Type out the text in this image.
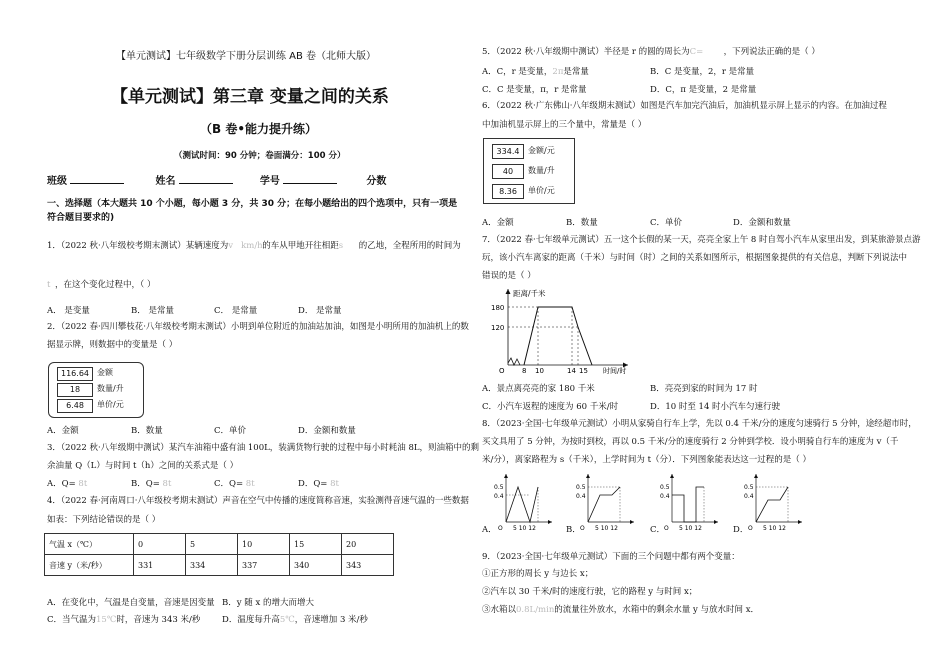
【单元测试】七年级数学下册分层训练 AB 卷（北师大版）
【单元测试】第三章 变量之间的关系
（B 卷•能力提升练）
（测试时间：90 分钟；卷面满分：100 分）
班级	姓名	学号	分数
一、选择题（本大题共 10 个小题，每小题 3 分，共 30 分；在每小题给出的四个选项中，只有一项是
符合题目要求的)
1．（2022 秋·八年级校考期末测试）某辆速度为v   km/h的车从甲地开往相距s 的乙地，全程所用的时间为
t ，在这个变化过程中，（ ）
A． 是变量	B． 是常量	C． 是常量	D． 是常量
2．（2022 春·四川攀枝花·八年级校考期末测试）小明到单位附近的加油站加油，如图是小明所用的加油机上的数
据显示牌，则数据中的变量是（ ）
116.64	金额
18	数量/升
6.48	单价/元
A．金额	B．数量	C．单价	D．金额和数量
3．（2022 秋·八年级期中测试）某汽车油箱中盛有油 100L，装满货物行驶的过程中每小时耗油 8L，则油箱中的剩
余油量 Q（L）与时间 t（h）之间的关系式是（ ）
A．Q= 8t	B．Q= 8t	C．Q= 8t	D．Q= 8t
4．（2022 春·河南周口·八年级校考期末测试）声音在空气中传播的速度简称音速，实验测得音速气温的一些数据
如表：下列结论错误的是（ ）
气温 x（℃）	0	5	10	15	20
音速 y（米/秒）	331	334	337	340	343
A．在变化中，气温是自变量，音速是因变量 B．y 随 x 的增大而增大
C．当气温为15℃时，音速为 343 米/秒	D．温度每升高5℃，音速增加 3 米/秒
5．（2022 秋·八年级期中测试）半径是 r 的圆的周长为C= ，下列说法正确的是（ ）
A．C，r 是变量，2π是常量	B．C 是变量，2，r 是常量
C．C 是变量，π，r 是常量	D．C，π 是变量，2 是常量
6．（2022 秋·广东佛山·八年级期末测试）如图是汽车加完汽油后，加油机显示屏上显示的内容。在加油过程
中加油机显示屏上的三个量中，常量是（ ）
334.4	金额/元
40	数量/升
8.36	单价/元
A．金额	B．数量	C．单价	D．金额和数量
7．（2022 春·七年级单元测试）五一这个长假的某一天，亮亮全家上午 8 时自驾小汽车从家里出发，到某旅游景点游
玩，该小汽车离家的距离（千米）与时间（时）之间的关系如图所示，根据图象提供的有关信息，判断下列说法中
错误的是（ ）
距离/千米
时间/时
180
120
O 8 10	14 15
A．景点离亮亮的家 180 千米	B．亮亮到家的时间为 17 时
C．小汽车返程的速度为 60 千米/时	D．10 时至 14 时小汽车匀速行驶
8．（2023·全国·七年级单元测试）小明从家骑自行车上学，先以 0.4 千米/分的速度匀速骑行 5 分钟，途经超市时，
买文具用了 5 分钟，为按时到校，再以 0.5 千米/分的速度骑行 2 分钟到学校．设小明骑自行车的速度为 v（千
米/分），离家路程为 s（千米），上学时间为 t（分）．下列图象能表达这一过程的是（ ）
A．
0.5
0.4
O 5 10 12	B．
0.5
0.4
O 5 10 12	C．
0.5
0.4
O 5 10 12	D．
0.5
0.4
O 5 10 12
9．（2023·全国·七年级单元测试）下面的三个问题中都有两个变量：
①正方形的周长 y 与边长 x；
②汽车以 30 千米/时的速度行驶，它的路程 y 与时间 x；
③水箱以0.8L/min的流量往外放水，水箱中的剩余水量 y 与放水时间 x．
